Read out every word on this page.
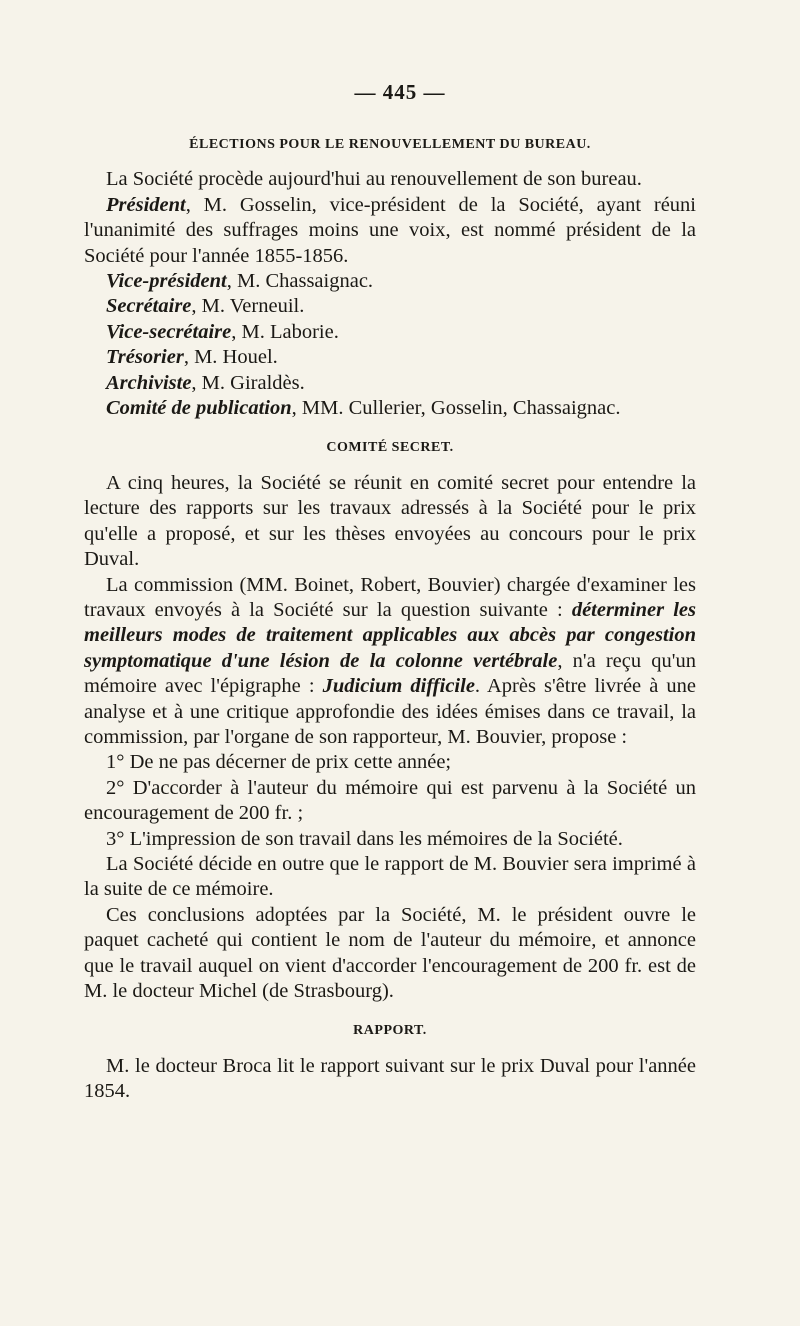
— 445 —
ÉLECTIONS POUR LE RENOUVELLEMENT DU BUREAU.

La Société procède aujourd'hui au renouvellement de son bureau.

Président, M. Gosselin, vice-président de la Société, ayant réuni l'unanimité des suffrages moins une voix, est nommé président de la Société pour l'année 1855-1856.

Vice-président, M. Chassaignac.

Secrétaire, M. Verneuil.

Vice-secrétaire, M. Laborie.

Trésorier, M. Houel.

Archiviste, M. Giraldès.

Comité de publication, MM. Cullerier, Gosselin, Chassaignac.

COMITÉ SECRET.

A cinq heures, la Société se réunit en comité secret pour entendre la lecture des rapports sur les travaux adressés à la Société pour le prix qu'elle a proposé, et sur les thèses envoyées au concours pour le prix Duval.

La commission (MM. Boinet, Robert, Bouvier) chargée d'examiner les travaux envoyés à la Société sur la question suivante : déterminer les meilleurs modes de traitement applicables aux abcès par congestion symptomatique d'une lésion de la colonne vertébrale, n'a reçu qu'un mémoire avec l'épigraphe : Judicium difficile. Après s'être livrée à une analyse et à une critique approfondie des idées émises dans ce travail, la commission, par l'organe de son rapporteur, M. Bouvier, propose :

1° De ne pas décerner de prix cette année;

2° D'accorder à l'auteur du mémoire qui est parvenu à la Société un encouragement de 200 fr. ;

3° L'impression de son travail dans les mémoires de la Société.

La Société décide en outre que le rapport de M. Bouvier sera imprimé à la suite de ce mémoire.

Ces conclusions adoptées par la Société, M. le président ouvre le paquet cacheté qui contient le nom de l'auteur du mémoire, et annonce que le travail auquel on vient d'accorder l'encouragement de 200 fr. est de M. le docteur Michel (de Strasbourg).

RAPPORT.

M. le docteur Broca lit le rapport suivant sur le prix Duval pour l'année 1854.
